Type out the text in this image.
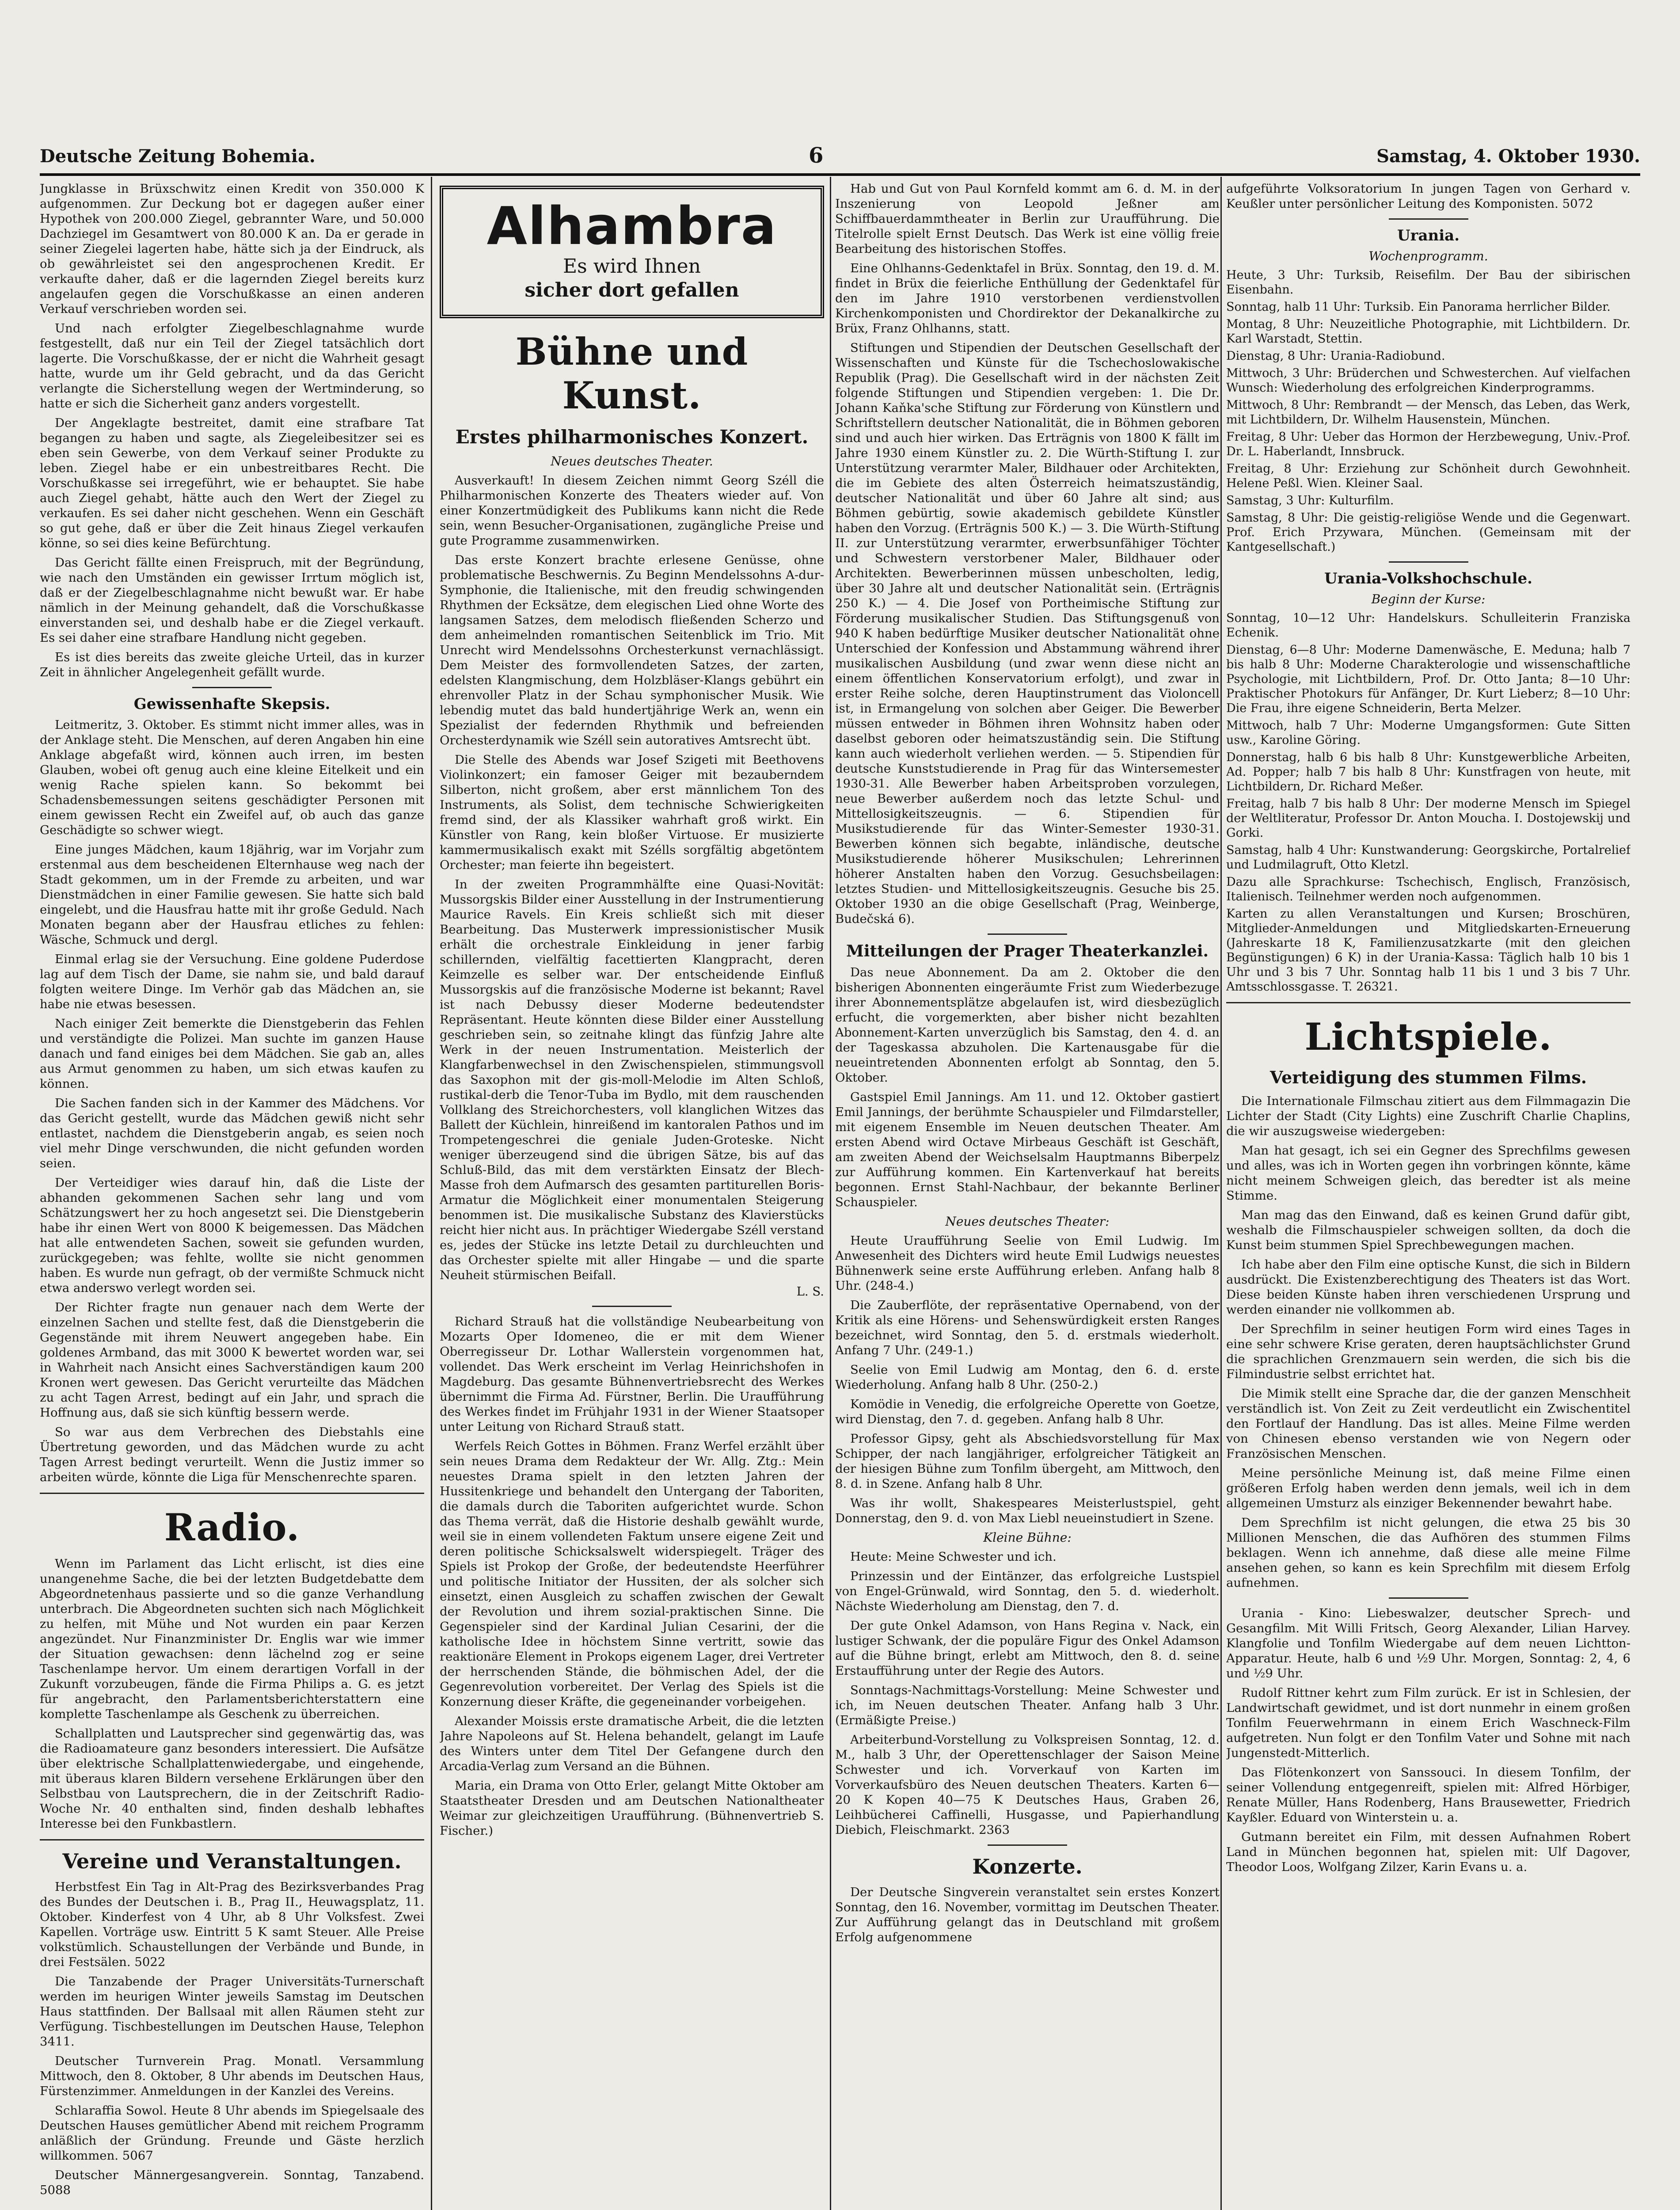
Deutsche Zeitung Bohemia.	6	Samstag, 4. Oktober 1930.

Jungklasse in Brüxschwitz einen Kredit von 350.000 K aufgenommen. Zur Deckung bot er dagegen außer einer Hypothek von 200.000 Ziegel, gebrannter Ware, und 50.000 Dachziegel im Gesamtwert von 80.000 K an. Da er gerade in seiner Ziegelei lagerten habe, hätte sich ja der Eindruck, als ob gewährleistet sei den angesprochenen Kredit. Er verkaufte daher, daß er die lagernden Ziegel bereits kurz angelaufen gegen die Vorschußkasse an einen anderen Verkauf verschrieben worden sei.

Und nach erfolgter Ziegelbeschlagnahme wurde festgestellt, daß nur ein Teil der Ziegel tatsächlich dort lagerte. Die Vorschußkasse, der er nicht die Wahrheit gesagt hatte, wurde um ihr Geld gebracht, und da das Gericht verlangte die Sicherstellung wegen der Wertminderung, so hatte er sich die Sicherheit ganz anders vorgestellt.

Der Angeklagte bestreitet, damit eine strafbare Tat begangen zu haben und sagte, als Ziegeleibesitzer sei es eben sein Gewerbe, von dem Verkauf seiner Produkte zu leben. Ziegel habe er ein unbestreitbares Recht. Die Vorschußkasse sei irregeführt, wie er behauptet. Sie habe auch Ziegel gehabt, hätte auch den Wert der Ziegel zu verkaufen. Es sei daher nicht geschehen. Wenn ein Geschäft so gut gehe, daß er über die Zeit hinaus Ziegel verkaufen könne, so sei dies keine Befürchtung.

Das Gericht fällte einen Freispruch, mit der Begründung, wie nach den Umständen ein gewisser Irrtum möglich ist, daß er der Ziegelbeschlagnahme nicht bewußt war. Er habe nämlich in der Meinung gehandelt, daß die Vorschußkasse einverstanden sei, und deshalb habe er die Ziegel verkauft. Es sei daher eine strafbare Handlung nicht gegeben.

Es ist dies bereits das zweite gleiche Urteil, das in kurzer Zeit in ähnlicher Angelegenheit gefällt wurde.

Gewissenhafte Skepsis.

Leitmeritz, 3. Oktober. Es stimmt nicht immer alles, was in der Anklage steht. Die Menschen, auf deren Angaben hin eine Anklage abgefaßt wird, können auch irren, im besten Glauben, wobei oft genug auch eine kleine Eitelkeit und ein wenig Rache spielen kann. So bekommt bei Schadensbemessungen seitens geschädigter Personen mit einem gewissen Recht ein Zweifel auf, ob auch das ganze Geschädigte so schwer wiegt.

Eine junges Mädchen, kaum 18jährig, war im Vorjahr zum erstenmal aus dem bescheidenen Elternhause weg nach der Stadt gekommen, um in der Fremde zu arbeiten, und war Dienstmädchen in einer Familie gewesen. Sie hatte sich bald eingelebt, und die Hausfrau hatte mit ihr große Geduld. Nach Monaten begann aber der Hausfrau etliches zu fehlen: Wäsche, Schmuck und dergl.

Einmal erlag sie der Versuchung. Eine goldene Puderdose lag auf dem Tisch der Dame, sie nahm sie, und bald darauf folgten weitere Dinge. Im Verhör gab das Mädchen an, sie habe nie etwas besessen.

Nach einiger Zeit bemerkte die Dienstgeberin das Fehlen und verständigte die Polizei. Man suchte im ganzen Hause danach und fand einiges bei dem Mädchen. Sie gab an, alles aus Armut genommen zu haben, um sich etwas kaufen zu können.

Die Sachen fanden sich in der Kammer des Mädchens. Vor das Gericht gestellt, wurde das Mädchen gewiß nicht sehr entlastet, nachdem die Dienstgeberin angab, es seien noch viel mehr Dinge verschwunden, die nicht gefunden worden seien.

Der Verteidiger wies darauf hin, daß die Liste der abhanden gekommenen Sachen sehr lang und vom Schätzungswert her zu hoch angesetzt sei. Die Dienstgeberin habe ihr einen Wert von 8000 K beigemessen. Das Mädchen hat alle entwendeten Sachen, soweit sie gefunden wurden, zurückgegeben; was fehlte, wollte sie nicht genommen haben. Es wurde nun gefragt, ob der vermißte Schmuck nicht etwa anderswo verlegt worden sei.

Der Richter fragte nun genauer nach dem Werte der einzelnen Sachen und stellte fest, daß die Dienstgeberin die Gegenstände mit ihrem Neuwert angegeben habe. Ein goldenes Armband, das mit 3000 K bewertet worden war, sei in Wahrheit nach Ansicht eines Sachverständigen kaum 200 Kronen wert gewesen. Das Gericht verurteilte das Mädchen zu acht Tagen Arrest, bedingt auf ein Jahr, und sprach die Hoffnung aus, daß sie sich künftig bessern werde.

So war aus dem Verbrechen des Diebstahls eine Übertretung geworden, und das Mädchen wurde zu acht Tagen Arrest bedingt verurteilt. Wenn die Justiz immer so arbeiten würde, könnte die Liga für Menschenrechte sparen.

Radio.

Wenn im Parlament das Licht erlischt, ist dies eine unangenehme Sache, die bei der letzten Budgetdebatte dem Abgeordnetenhaus passierte und so die ganze Verhandlung unterbrach. Die Abgeordneten suchten sich nach Möglichkeit zu helfen, mit Mühe und Not wurden ein paar Kerzen angezündet. Nur Finanzminister Dr. Englis war wie immer der Situation gewachsen: denn lächelnd zog er seine Taschenlampe hervor. Um einem derartigen Vorfall in der Zukunft vorzubeugen, fände die Firma Philips a. G. es jetzt für angebracht, den Parlamentsberichterstattern eine komplette Taschenlampe als Geschenk zu überreichen.

Schallplatten und Lautsprecher sind gegenwärtig das, was die Radioamateure ganz besonders interessiert. Die Aufsätze über elektrische Schallplattenwiedergabe, und eingehende, mit überaus klaren Bildern versehene Erklärungen über den Selbstbau von Lautsprechern, die in der Zeitschrift Radio-Woche Nr. 40 enthalten sind, finden deshalb lebhaftes Interesse bei den Funkbastlern.

Vereine und Veranstaltungen.

Herbstfest Ein Tag in Alt-Prag des Bezirksverbandes Prag des Bundes der Deutschen i. B., Prag II., Heuwagsplatz, 11. Oktober. Kinderfest von 4 Uhr, ab 8 Uhr Volksfest. Zwei Kapellen. Vorträge usw. Eintritt 5 K samt Steuer. Alle Preise volkstümlich. Schaustellungen der Verbände und Bunde, in drei Festsälen. 5022

Die Tanzabende der Prager Universitäts-Turnerschaft werden im heurigen Winter jeweils Samstag im Deutschen Haus stattfinden. Der Ballsaal mit allen Räumen steht zur Verfügung. Tischbestellungen im Deutschen Hause, Telephon 3411.

Deutscher Turnverein Prag. Monatl. Versammlung Mittwoch, den 8. Oktober, 8 Uhr abends im Deutschen Haus, Fürstenzimmer. Anmeldungen in der Kanzlei des Vereins.

Schlaraffia Sowol. Heute 8 Uhr abends im Spiegelsaale des Deutschen Hauses gemütlicher Abend mit reichem Programm anläßlich der Gründung. Freunde und Gäste herzlich willkommen. 5067

Deutscher Männergesangverein. Sonntag, Tanzabend. 5088

Alhambra
Es wird Ihnen
sicher dort gefallen
Bühne und Kunst.
Erstes philharmonisches Konzert.
Neues deutsches Theater.

Ausverkauft! In diesem Zeichen nimmt Georg Széll die Philharmonischen Konzerte des Theaters wieder auf. Von einer Konzertmüdigkeit des Publikums kann nicht die Rede sein, wenn Besucher-Organisationen, zugängliche Preise und gute Programme zusammenwirken.

Das erste Konzert brachte erlesene Genüsse, ohne problematische Beschwernis. Zu Beginn Mendelssohns A-dur-Symphonie, die Italienische, mit den freudig schwingenden Rhythmen der Ecksätze, dem elegischen Lied ohne Worte des langsamen Satzes, dem melodisch fließenden Scherzo und dem anheimelnden romantischen Seitenblick im Trio. Mit Unrecht wird Mendelssohns Orchesterkunst vernachlässigt. Dem Meister des formvollendeten Satzes, der zarten, edelsten Klangmischung, dem Holzbläser-Klangs gebührt ein ehrenvoller Platz in der Schau symphonischer Musik. Wie lebendig mutet das bald hundertjährige Werk an, wenn ein Spezialist der federnden Rhythmik und befreienden Orchesterdynamik wie Széll sein autoratives Amtsrecht übt.

Die Stelle des Abends war Josef Szigeti mit Beethovens Violinkonzert; ein famoser Geiger mit bezauberndem Silberton, nicht großem, aber erst männlichem Ton des Instruments, als Solist, dem technische Schwierigkeiten fremd sind, der als Klassiker wahrhaft groß wirkt. Ein Künstler von Rang, kein bloßer Virtuose. Er musizierte kammermusikalisch exakt mit Szélls sorgfältig abgetöntem Orchester; man feierte ihn begeistert.

In der zweiten Programmhälfte eine Quasi-Novität: Mussorgskis Bilder einer Ausstellung in der Instrumentierung Maurice Ravels. Ein Kreis schließt sich mit dieser Bearbeitung. Das Musterwerk impressionistischer Musik erhält die orchestrale Einkleidung in jener farbig schillernden, vielfältig facettierten Klangpracht, deren Keimzelle es selber war. Der entscheidende Einfluß Mussorgskis auf die französische Moderne ist bekannt; Ravel ist nach Debussy dieser Moderne bedeutendster Repräsentant. Heute könnten diese Bilder einer Ausstellung geschrieben sein, so zeitnahe klingt das fünfzig Jahre alte Werk in der neuen Instrumentation. Meisterlich der Klangfarbenwechsel in den Zwischenspielen, stimmungsvoll das Saxophon mit der gis-moll-Melodie im Alten Schloß, rustikal-derb die Tenor-Tuba im Bydlo, mit dem rauschenden Vollklang des Streichorchesters, voll klanglichen Witzes das Ballett der Küchlein, hinreißend im kantoralen Pathos und im Trompetengeschrei die geniale Juden-Groteske. Nicht weniger überzeugend sind die übrigen Sätze, bis auf das Schluß-Bild, das mit dem verstärkten Einsatz der Blech-Masse froh dem Aufmarsch des gesamten partiturellen Boris-Armatur die Möglichkeit einer monumentalen Steigerung benommen ist. Die musikalische Substanz des Klavierstücks reicht hier nicht aus. In prächtiger Wiedergabe Széll verstand es, jedes der Stücke ins letzte Detail zu durchleuchten und das Orchester spielte mit aller Hingabe — und die sparte Neuheit stürmischen Beifall.

L. S.

Richard Strauß hat die vollständige Neubearbeitung von Mozarts Oper Idomeneo, die er mit dem Wiener Oberregisseur Dr. Lothar Wallerstein vorgenommen hat, vollendet. Das Werk erscheint im Verlag Heinrichshofen in Magdeburg. Das gesamte Bühnenvertriebsrecht des Werkes übernimmt die Firma Ad. Fürstner, Berlin. Die Uraufführung des Werkes findet im Frühjahr 1931 in der Wiener Staatsoper unter Leitung von Richard Strauß statt.

Werfels Reich Gottes in Böhmen. Franz Werfel erzählt über sein neues Drama dem Redakteur der Wr. Allg. Ztg.: Mein neuestes Drama spielt in den letzten Jahren der Hussitenkriege und behandelt den Untergang der Taboriten, die damals durch die Taboriten aufgerichtet wurde. Schon das Thema verrät, daß die Historie deshalb gewählt wurde, weil sie in einem vollendeten Faktum unsere eigene Zeit und deren politische Schicksalswelt widerspiegelt. Träger des Spiels ist Prokop der Große, der bedeutendste Heerführer und politische Initiator der Hussiten, der als solcher sich einsetzt, einen Ausgleich zu schaffen zwischen der Gewalt der Revolution und ihrem sozial-praktischen Sinne. Die Gegenspieler sind der Kardinal Julian Cesarini, der die katholische Idee in höchstem Sinne vertritt, sowie das reaktionäre Element in Prokops eigenem Lager, drei Vertreter der herrschenden Stände, die böhmischen Adel, der die Gegenrevolution vorbereitet. Der Verlag des Spiels ist die Konzernung dieser Kräfte, die gegeneinander vorbeigehen.

Alexander Moissis erste dramatische Arbeit, die die letzten Jahre Napoleons auf St. Helena behandelt, gelangt im Laufe des Winters unter dem Titel Der Gefangene durch den Arcadia-Verlag zum Versand an die Bühnen.

Maria, ein Drama von Otto Erler, gelangt Mitte Oktober am Staatstheater Dresden und am Deutschen Nationaltheater Weimar zur gleichzeitigen Uraufführung. (Bühnenvertrieb S. Fischer.)

Hab und Gut von Paul Kornfeld kommt am 6. d. M. in der Inszenierung von Leopold Jeßner am Schiffbauerdammtheater in Berlin zur Uraufführung. Die Titelrolle spielt Ernst Deutsch. Das Werk ist eine völlig freie Bearbeitung des historischen Stoffes.

Eine Ohlhanns-Gedenktafel in Brüx. Sonntag, den 19. d. M. findet in Brüx die feierliche Enthüllung der Gedenktafel für den im Jahre 1910 verstorbenen verdienstvollen Kirchenkomponisten und Chordirektor der Dekanalkirche zu Brüx, Franz Ohlhanns, statt.

Stiftungen und Stipendien der Deutschen Gesellschaft der Wissenschaften und Künste für die Tschechoslowakische Republik (Prag). Die Gesellschaft wird in der nächsten Zeit folgende Stiftungen und Stipendien vergeben: 1. Die Dr. Johann Kaňka'sche Stiftung zur Förderung von Künstlern und Schriftstellern deutscher Nationalität, die in Böhmen geboren sind und auch hier wirken. Das Erträgnis von 1800 K fällt im Jahre 1930 einem Künstler zu. 2. Die Würth-Stiftung I. zur Unterstützung verarmter Maler, Bildhauer oder Architekten, die im Gebiete des alten Österreich heimatszuständig, deutscher Nationalität und über 60 Jahre alt sind; aus Böhmen gebürtig, sowie akademisch gebildete Künstler haben den Vorzug. (Erträgnis 500 K.) — 3. Die Würth-Stiftung II. zur Unterstützung verarmter, erwerbsunfähiger Töchter und Schwestern verstorbener Maler, Bildhauer oder Architekten. Bewerberinnen müssen unbescholten, ledig, über 30 Jahre alt und deutscher Nationalität sein. (Erträgnis 250 K.) — 4. Die Josef von Portheimische Stiftung zur Förderung musikalischer Studien. Das Stiftungsgenuß von 940 K haben bedürftige Musiker deutscher Nationalität ohne Unterschied der Konfession und Abstammung während ihrer musikalischen Ausbildung (und zwar wenn diese nicht an einem öffentlichen Konservatorium erfolgt), und zwar in erster Reihe solche, deren Hauptinstrument das Violoncell ist, in Ermangelung von solchen aber Geiger. Die Bewerber müssen entweder in Böhmen ihren Wohnsitz haben oder daselbst geboren oder heimatszuständig sein. Die Stiftung kann auch wiederholt verliehen werden. — 5. Stipendien für deutsche Kunststudierende in Prag für das Wintersemester 1930-31. Alle Bewerber haben Arbeitsproben vorzulegen, neue Bewerber außerdem noch das letzte Schul- und Mittellosigkeitszeugnis. — 6. Stipendien für Musikstudierende für das Winter-Semester 1930-31. Bewerben können sich begabte, inländische, deutsche Musikstudierende höherer Musikschulen; Lehrerinnen höherer Anstalten haben den Vorzug. Gesuchsbeilagen: letztes Studien- und Mittellosigkeitszeugnis. Gesuche bis 25. Oktober 1930 an die obige Gesellschaft (Prag, Weinberge, Budečská 6).

Mitteilungen der Prager Theaterkanzlei.

Das neue Abonnement. Da am 2. Oktober die den bisherigen Abonnenten eingeräumte Frist zum Wiederbezuge ihrer Abonnementsplätze abgelaufen ist, wird diesbezüglich erfucht, die vorgemerkten, aber bisher nicht bezahlten Abonnement-Karten unverzüglich bis Samstag, den 4. d. an der Tageskassa abzuholen. Die Kartenausgabe für die neueintretenden Abonnenten erfolgt ab Sonntag, den 5. Oktober.

Gastspiel Emil Jannings. Am 11. und 12. Oktober gastiert Emil Jannings, der berühmte Schauspieler und Filmdarsteller, mit eigenem Ensemble im Neuen deutschen Theater. Am ersten Abend wird Octave Mirbeaus Geschäft ist Geschäft, am zweiten Abend der Weichselsalm Hauptmanns Biberpelz zur Aufführung kommen. Ein Kartenverkauf hat bereits begonnen. Ernst Stahl-Nachbaur, der bekannte Berliner Schauspieler.

Neues deutsches Theater:

Heute Uraufführung Seelie von Emil Ludwig. Im Anwesenheit des Dichters wird heute Emil Ludwigs neuestes Bühnenwerk seine erste Aufführung erleben. Anfang halb 8 Uhr. (248-4.)

Die Zauberflöte, der repräsentative Opernabend, von der Kritik als eine Hörens- und Sehenswürdigkeit ersten Ranges bezeichnet, wird Sonntag, den 5. d. erstmals wiederholt. Anfang 7 Uhr. (249-1.)

Seelie von Emil Ludwig am Montag, den 6. d. erste Wiederholung. Anfang halb 8 Uhr. (250-2.)

Komödie in Venedig, die erfolgreiche Operette von Goetze, wird Dienstag, den 7. d. gegeben. Anfang halb 8 Uhr.

Professor Gipsy, geht als Abschiedsvorstellung für Max Schipper, der nach langjähriger, erfolgreicher Tätigkeit an der hiesigen Bühne zum Tonfilm übergeht, am Mittwoch, den 8. d. in Szene. Anfang halb 8 Uhr.

Was ihr wollt, Shakespeares Meisterlustspiel, geht Donnerstag, den 9. d. von Max Liebl neueinstudiert in Szene.

Kleine Bühne:

Heute: Meine Schwester und ich.

Prinzessin und der Eintänzer, das erfolgreiche Lustspiel von Engel-Grünwald, wird Sonntag, den 5. d. wiederholt. Nächste Wiederholung am Dienstag, den 7. d.

Der gute Onkel Adamson, von Hans Regina v. Nack, ein lustiger Schwank, der die populäre Figur des Onkel Adamson auf die Bühne bringt, erlebt am Mittwoch, den 8. d. seine Erstaufführung unter der Regie des Autors.

Sonntags-Nachmittags-Vorstellung: Meine Schwester und ich, im Neuen deutschen Theater. Anfang halb 3 Uhr. (Ermäßigte Preise.)

Arbeiterbund-Vorstellung zu Volkspreisen Sonntag, 12. d. M., halb 3 Uhr, der Operettenschlager der Saison Meine Schwester und ich. Vorverkauf von Karten im Vorverkaufsbüro des Neuen deutschen Theaters. Karten 6—20 K Kopen 40—75 K Deutsches Haus, Graben 26, Leihbücherei Caffinelli, Husgasse, und Papierhandlung Diebich, Fleischmarkt. 2363

Konzerte.

Der Deutsche Singverein veranstaltet sein erstes Konzert Sonntag, den 16. November, vormittag im Deutschen Theater. Zur Aufführung gelangt das in Deutschland mit großem Erfolg aufgenommene

aufgeführte Volksoratorium In jungen Tagen von Gerhard v. Keußler unter persönlicher Leitung des Komponisten. 5072

Urania.
Wochenprogramm.

Heute, 3 Uhr: Turksib, Reisefilm. Der Bau der sibirischen Eisenbahn.

Sonntag, halb 11 Uhr: Turksib. Ein Panorama herrlicher Bilder.

Montag, 8 Uhr: Neuzeitliche Photographie, mit Lichtbildern. Dr. Karl Warstadt, Stettin.

Dienstag, 8 Uhr: Urania-Radiobund.

Mittwoch, 3 Uhr: Brüderchen und Schwesterchen. Auf vielfachen Wunsch: Wiederholung des erfolgreichen Kinderprogramms.

Mittwoch, 8 Uhr: Rembrandt — der Mensch, das Leben, das Werk, mit Lichtbildern, Dr. Wilhelm Hausenstein, München.

Freitag, 8 Uhr: Ueber das Hormon der Herzbewegung, Univ.-Prof. Dr. L. Haberlandt, Innsbruck.

Freitag, 8 Uhr: Erziehung zur Schönheit durch Gewohnheit. Helene Peßl. Wien. Kleiner Saal.

Samstag, 3 Uhr: Kulturfilm.

Samstag, 8 Uhr: Die geistig-religiöse Wende und die Gegenwart. Prof. Erich Przywara, München. (Gemeinsam mit der Kantgesellschaft.)

Urania-Volkshochschule.
Beginn der Kurse:

Sonntag, 10—12 Uhr: Handelskurs. Schulleiterin Franziska Echenik.

Dienstag, 6—8 Uhr: Moderne Damenwäsche, E. Meduna; halb 7 bis halb 8 Uhr: Moderne Charakterologie und wissenschaftliche Psychologie, mit Lichtbildern, Prof. Dr. Otto Janta; 8—10 Uhr: Praktischer Photokurs für Anfänger, Dr. Kurt Lieberz; 8—10 Uhr: Die Frau, ihre eigene Schneiderin, Berta Melzer.

Mittwoch, halb 7 Uhr: Moderne Umgangsformen: Gute Sitten usw., Karoline Göring.

Donnerstag, halb 6 bis halb 8 Uhr: Kunstgewerbliche Arbeiten, Ad. Popper; halb 7 bis halb 8 Uhr: Kunstfragen von heute, mit Lichtbildern, Dr. Richard Meßer.

Freitag, halb 7 bis halb 8 Uhr: Der moderne Mensch im Spiegel der Weltliteratur, Professor Dr. Anton Moucha. I. Dostojewskij und Gorki.

Samstag, halb 4 Uhr: Kunstwanderung: Georgskirche, Portalrelief und Ludmilagruft, Otto Kletzl.

Dazu alle Sprachkurse: Tschechisch, Englisch, Französisch, Italienisch. Teilnehmer werden noch aufgenommen.

Karten zu allen Veranstaltungen und Kursen; Broschüren, Mitglieder-Anmeldungen und Mitgliedskarten-Erneuerung (Jahreskarte 18 K, Familienzusatzkarte (mit den gleichen Begünstigungen) 6 K) in der Urania-Kassa: Täglich halb 10 bis 1 Uhr und 3 bis 7 Uhr. Sonntag halb 11 bis 1 und 3 bis 7 Uhr. Amtsschlossgasse. T. 26321.

Lichtspiele.
Verteidigung des stummen Films.

Die Internationale Filmschau zitiert aus dem Filmmagazin Die Lichter der Stadt (City Lights) eine Zuschrift Charlie Chaplins, die wir auszugsweise wiedergeben:

Man hat gesagt, ich sei ein Gegner des Sprechfilms gewesen und alles, was ich in Worten gegen ihn vorbringen könnte, käme nicht meinem Schweigen gleich, das beredter ist als meine Stimme.

Man mag das den Einwand, daß es keinen Grund dafür gibt, weshalb die Filmschauspieler schweigen sollten, da doch die Kunst beim stummen Spiel Sprechbewegungen machen.

Ich habe aber den Film eine optische Kunst, die sich in Bildern ausdrückt. Die Existenzberechtigung des Theaters ist das Wort. Diese beiden Künste haben ihren verschiedenen Ursprung und werden einander nie vollkommen ab.

Der Sprechfilm in seiner heutigen Form wird eines Tages in eine sehr schwere Krise geraten, deren hauptsächlichster Grund die sprachlichen Grenzmauern sein werden, die sich bis die Filmindustrie selbst errichtet hat.

Die Mimik stellt eine Sprache dar, die der ganzen Menschheit verständlich ist. Von Zeit zu Zeit verdeutlicht ein Zwischentitel den Fortlauf der Handlung. Das ist alles. Meine Filme werden von Chinesen ebenso verstanden wie von Negern oder Französischen Menschen.

Meine persönliche Meinung ist, daß meine Filme einen größeren Erfolg haben werden denn jemals, weil ich in dem allgemeinen Umsturz als einziger Bekennender bewahrt habe.

Dem Sprechfilm ist nicht gelungen, die etwa 25 bis 30 Millionen Menschen, die das Aufhören des stummen Films beklagen. Wenn ich annehme, daß diese alle meine Filme ansehen gehen, so kann es kein Sprechfilm mit diesem Erfolg aufnehmen.

Urania - Kino: Liebeswalzer, deutscher Sprech- und Gesangfilm. Mit Willi Fritsch, Georg Alexander, Lilian Harvey. Klangfolie und Tonfilm Wiedergabe auf dem neuen Lichtton-Apparatur. Heute, halb 6 und ½9 Uhr. Morgen, Sonntag: 2, 4, 6 und ½9 Uhr.

Rudolf Rittner kehrt zum Film zurück. Er ist in Schlesien, der Landwirtschaft gewidmet, und ist dort nunmehr in einem großen Tonfilm Feuerwehrmann in einem Erich Waschneck-Film aufgetreten. Nun folgt er den Tonfilm Vater und Sohne mit nach Jungenstedt-Mitterlich.

Das Flötenkonzert von Sanssouci. In diesem Tonfilm, der seiner Vollendung entgegenreift, spielen mit: Alfred Hörbiger, Renate Müller, Hans Rodenberg, Hans Brausewetter, Friedrich Kayßler. Eduard von Winterstein u. a.

Gutmann bereitet ein Film, mit dessen Aufnahmen Robert Land in München begonnen hat, spielen mit: Ulf Dagover, Theodor Loos, Wolfgang Zilzer, Karin Evans u. a.
